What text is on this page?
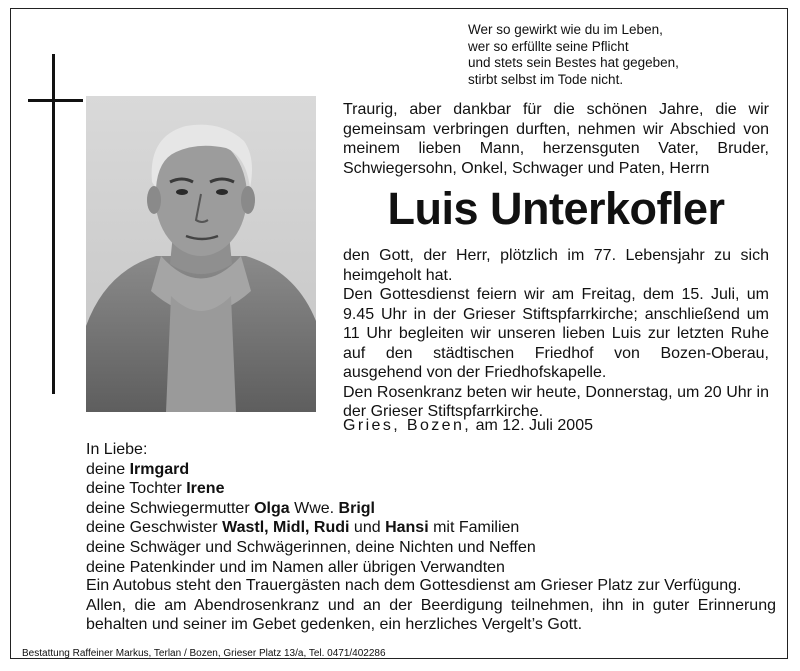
Wer so gewirkt wie du im Leben,
wer so erfüllte seine Pflicht
und stets sein Bestes hat gegeben,
stirbt selbst im Tode nicht.
Traurig, aber dankbar für die schönen Jahre, die wir gemeinsam verbringen durften, nehmen wir Abschied von meinem lieben Mann, herzensguten Vater, Bruder, Schwiegersohn, Onkel, Schwager und Paten, Herrn
Luis Unterkofler

den Gott, der Herr, plötzlich im 77. Lebensjahr zu sich heimgeholt hat.

Den Gottesdienst feiern wir am Freitag, dem 15. Juli, um 9.45 Uhr in der Grieser Stiftspfarrkirche; anschließend um 11 Uhr begleiten wir unseren lieben Luis zur letzten Ruhe auf den städtischen Friedhof von Bozen-Oberau, ausgehend von der Friedhofskapelle.

Den Rosenkranz beten wir heute, Donnerstag, um 20 Uhr in der Grieser Stiftspfarrkirche.

Gries, Bozen, am 12. Juli 2005
In Liebe:
deine Irmgard
deine Tochter Irene
deine Schwiegermutter Olga Wwe. Brigl
deine Geschwister Wastl, Midl, Rudi und Hansi mit Familien
deine Schwäger und Schwägerinnen, deine Nichten und Neffen
deine Patenkinder und im Namen aller übrigen Verwandten
Ein Autobus steht den Trauergästen nach dem Gottesdienst am Grieser Platz zur Verfügung.
Allen, die am Abendrosenkranz und an der Beerdigung teilnehmen, ihn in guter Erinnerung behalten und seiner im Gebet gedenken, ein herzliches Vergelt’s Gott.
Bestattung Raffeiner Markus, Terlan / Bozen, Grieser Platz 13/a, Tel. 0471/402286
